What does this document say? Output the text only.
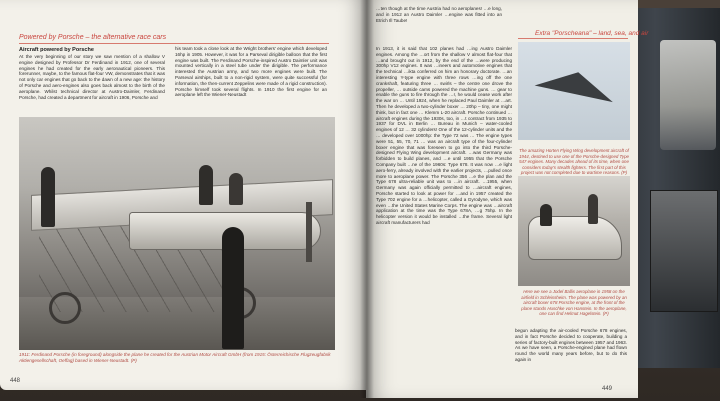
Powered by Porsche – the alternative race cars
Aircraft powered by Porsche
At the very beginning of our story we saw mention of a shallow V engine designed by Professor Dr Ferdinand in 1912, one of several engines he had created for the early aeronautical pioneers. This forerunner, maybe, to the famous flat-four VW, demonstrates that it was not only car engines that go back to the dawn of a new age: the history of Porsche and aero-engines also goes back almost to the birth of the aeroplane. Whilst technical director at Austro-Daimler, Ferdinand Porsche, had created a department for aircraft in 1906, Porsche and
his team took a close look at the Wright brothers' engine which developed 16hp in 1905. However, it was for a Parseval dirigible balloon that the first engine was built. The Ferdinand Porsche-inspired Austro Daimler unit was mounted vertically in a steel tube under the dirigible. The performance interested the Austrian army, and two more engines were built. The Parseval airships, built to a non-rigid system, were quite successful (for information, the then-current Zeppelins were made of a rigid construction). Porsche himself took several flights. In 1910 the first engine for an aeroplane left the Wiener-Neustadt
1911: Ferdinand Porsche (in foreground) alongside the plane he created for the Austrian Motor Aircraft GmbH (from 1915: Österreichische Flugzeugfabrik Aktiengesellschaft, Oeffag) based in Wiener-Neustadt. (P)
448
…ten though at the time Austria had no aeroplanes! …e long, and in 1912 an Austro Daimler …engine was fitted into an Etrich Ill Taube!
In 1913, it is said that 102 planes had …ing Austro Daimler engines. Among the …ort from the shallow V almost flat-four that …and brought out in 1912, by the end of the …were producing 300hp V12 engines. It was …ineers and automotive engines that the technical …ikta conferred on him an honorary doctorate. …an interesting Y-type engine with three rows …ing off the one crankshaft, featuring three … swirls – the centre one drove the propeller, … outside cams powered the machine guns. … gear to enable the guns to fire through the …r, he would cease work after the war on … Until 1924, when he replaced Paul Daimler at …art. Then he developed a two-cylinder boxer … 20hp – tiny, one might think, but in fact one … Klemm L-20 aircraft. Porsche continued …aircraft engines during the 1930s, too, in …t contract from 1935 to 1937 for DVL in Berlin … Bureau in Munich – water-cooled engines of 12 … 32 cylinders! One of the 12-cylinder units and the … developed over 1000hp: the Type 72 was … The engine types were 51, 55, 70, 71 … was an aircraft type of the four-cylinder boxer engine that was foreseen to go into the third Porsche-designed Flying Wing development aircraft. …was Germany was forbidden to build planes, and …e until 1955 that the Porsche Company built …ne of the 1960s: Type 678. It was now …e light aero-ferry, already involved with the earlier projects, …pulled once more to aeroplane power. The Porsche 356 …e the plan and the Type 678 ultra-reliable unit was to …in aircraft. …1955, when Germany was again officially permitted to …aircraft engines, Porsche started to look at power for …and in 1957 created the Type 702 engine for a …helicopter, called a Gyrodyne, which was even …the United States Marine Corps. The engine was …aircraft application at the time was the Type 678A, …g 75hp. In the helicopter version it would be installed …the frame. Several light aircraft manufacturers had
Extra "Porscheana" – land, sea, and air
The amazing Horten Flying Wing development aircraft of 1944, destined to use one of the Porsche-designed Type 547 engines. Many decades ahead of its time, when one considers today's stealth fighters. The first part of this project was not completed due to wartime reasons. (P)
Here we see a Jodel Ballis aeroplane in 1958 on the airfield in Schleissheim. The plane was powered by an aircraft boxer 678 Porsche engine, at the front of the plane stands Huschke von Hanstein. In the aeroplane, one can find Helmut Hagelstein. (P)
begun adapting the air-cooled Porsche 678 engines, and in fact Porsche decided to cooperate, building a series of factory-built engines between 1957 and 1963. As we have seen, a Porsche-engined plane had flown round the world many years before, but to do this again in
449
